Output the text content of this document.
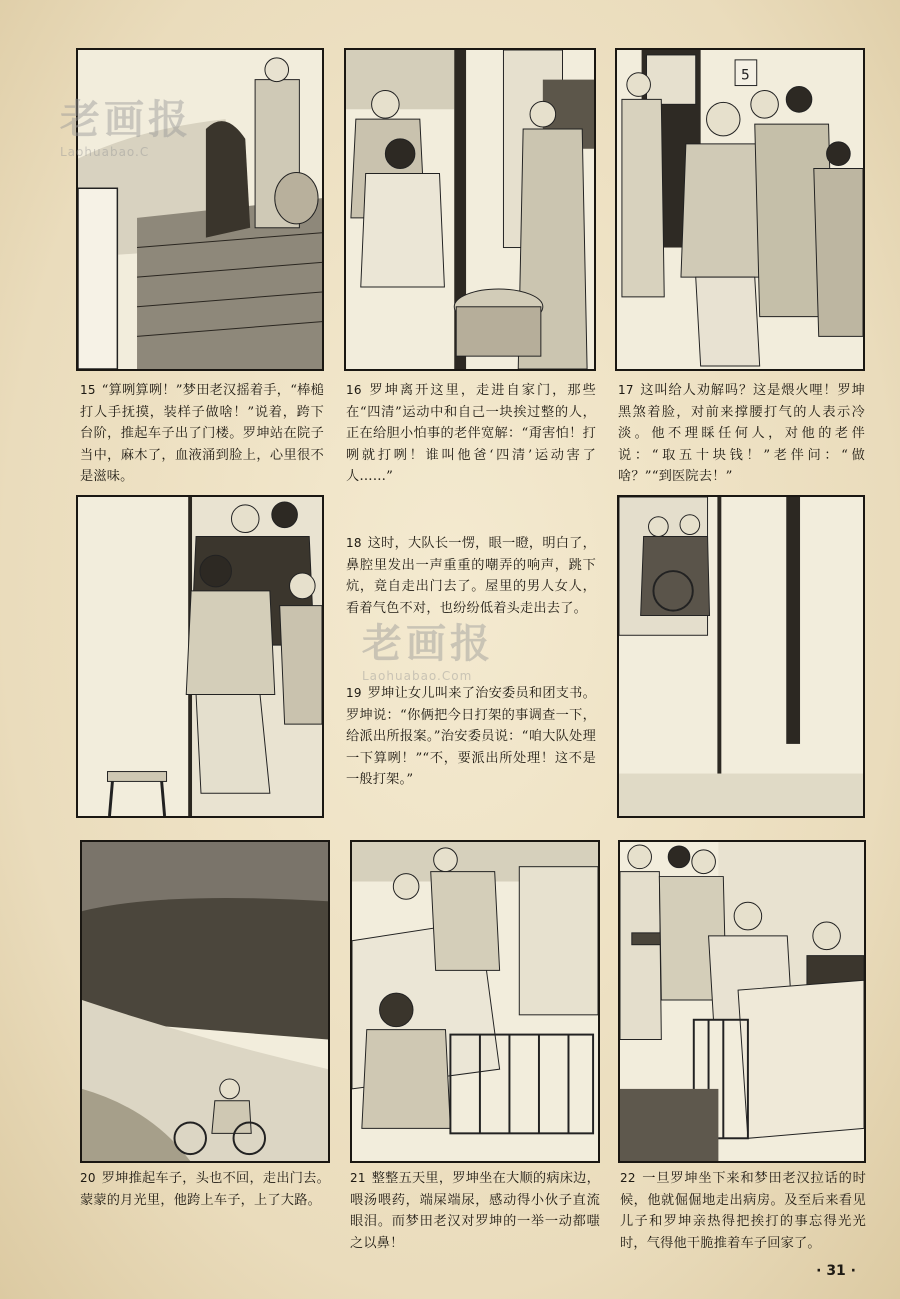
5
15 “算咧算咧！”梦田老汉摇着手，“棒槌打人手抚摸，装样子做啥！”说着，跨下台阶，推起车子出了门楼。罗坤站在院子当中，麻木了，血液涌到脸上，心里很不是滋味。
16 罗坤离开这里，走进自家门，那些在“四清”运动中和自己一块挨过整的人，正在给胆小怕事的老伴宽解：“甭害怕！打咧就打咧！谁叫他爸‘四清’运动害了人……”
17 这叫给人劝解吗？这是煨火哩！罗坤黑煞着脸，对前来撑腰打气的人表示冷淡。他不理睬任何人，对他的老伴说：“取五十块钱！”老伴问：“做啥？”“到医院去！”
18 这时，大队长一愣，眼一瞪，明白了，鼻腔里发出一声重重的嘲弄的响声，跳下炕，竟自走出门去了。屋里的男人女人，看着气色不对，也纷纷低着头走出去了。
19 罗坤让女儿叫来了治安委员和团支书。罗坤说：“你俩把今日打架的事调查一下，给派出所报案。”治安委员说：“咱大队处理一下算咧！”“不，要派出所处理！这不是一般打架。”
20 罗坤推起车子，头也不回，走出门去。蒙蒙的月光里，他跨上车子，上了大路。
21 整整五天里，罗坤坐在大顺的病床边，喂汤喂药，端屎端尿，感动得小伙子直流眼泪。而梦田老汉对罗坤的一举一动都嗤之以鼻！
22 一旦罗坤坐下来和梦田老汉拉话的时候，他就倔倔地走出病房。及至后来看见儿子和罗坤亲热得把挨打的事忘得光光时，气得他干脆推着车子回家了。
老画报
Laohuabao.C
老画报
Laohuabao.Com
· 31 ·
